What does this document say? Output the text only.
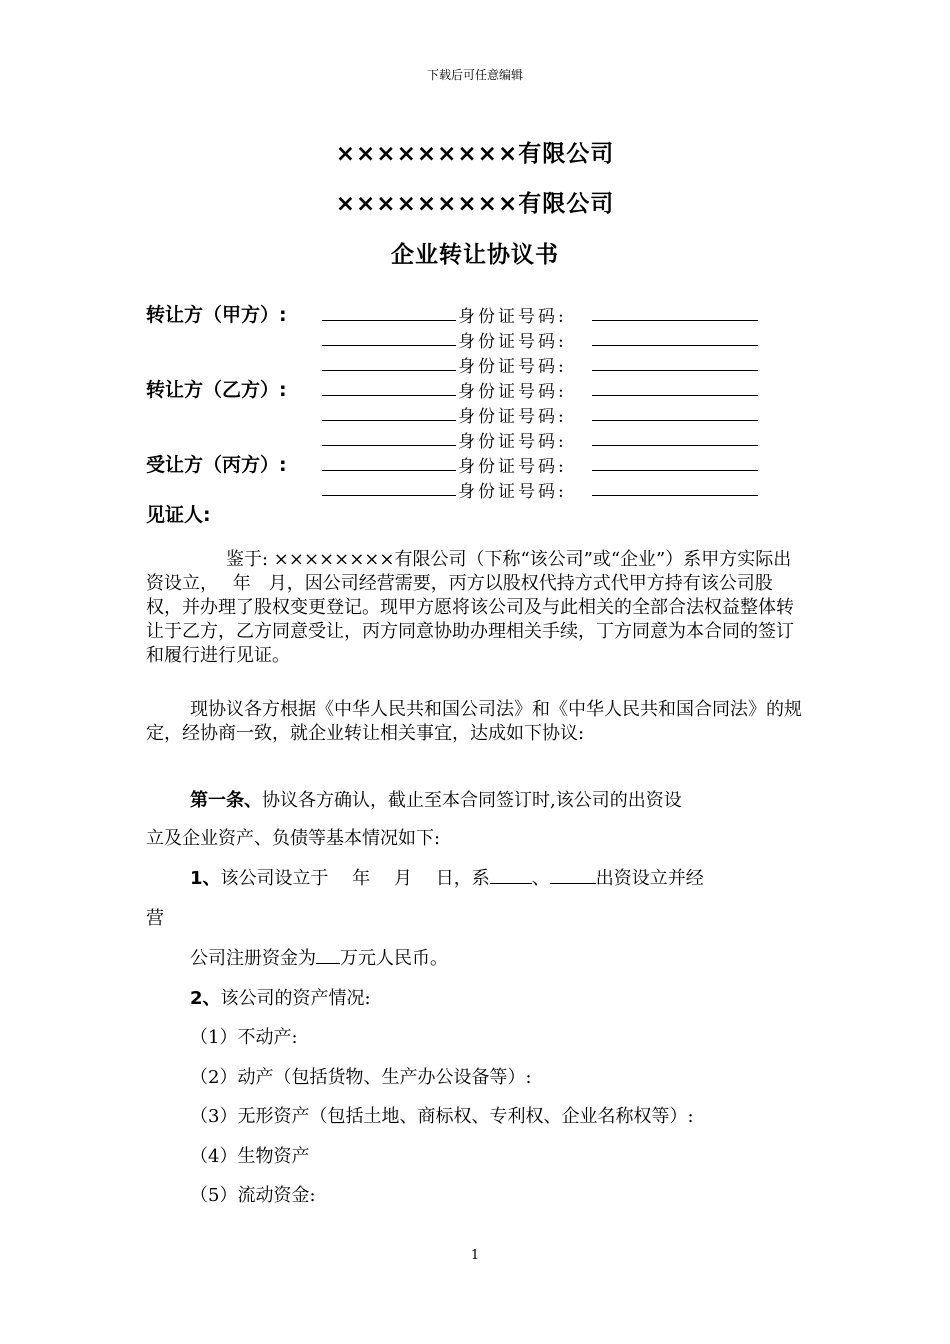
下载后可任意编辑
×××××××××有限公司
×××××××××有限公司
企业转让协议书
转让方（甲方）:
转让方（乙方）:
受让方（丙方）:
身份证号码:
身份证号码:
身份证号码:
身份证号码:
身份证号码:
身份证号码:
身份证号码:
身份证号码:
见证人:
鉴于: ××××××××有限公司（下称“该公司”或“企业”）系甲方实际出资设立，　 年　月，因公司经营需要，丙方以股权代持方式代甲方持有该公司股权，并办理了股权变更登记。现甲方愿将该公司及与此相关的全部合法权益整体转让于乙方，乙方同意受让，丙方同意协助办理相关手续，丁方同意为本合同的签订和履行进行见证。
现协议各方根据《中华人民共和国公司法》和《中华人民共和国合同法》的规定，经协商一致，就企业转让相关事宜，达成如下协议:
第一条、协议各方确认，截止至本合同签订时,该公司的出资设
立及企业资产、负债等基本情况如下:
1、该公司设立于　 年　 月　 日，系 、	出资设立并经
营
公司注册资金为 万元人民币。
2、该公司的资产情况:
（1）不动产:
（2）动产（包括货物、生产办公设备等）:
（3）无形资产（包括土地、商标权、专利权、企业名称权等）:
（4）生物资产
（5）流动资金:
1
